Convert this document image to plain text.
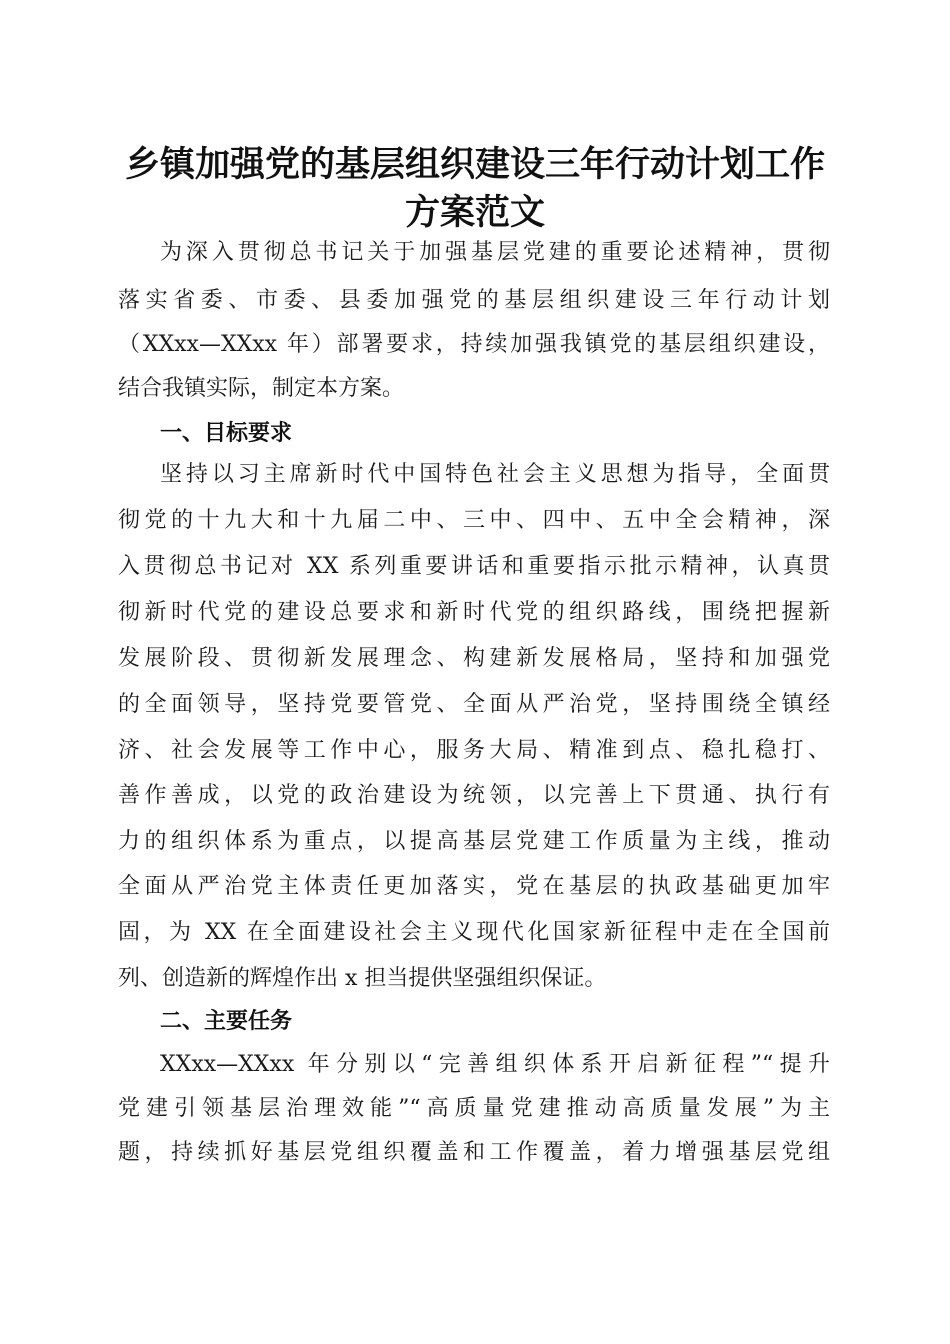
乡镇加强党的基层组织建设三年行动计划工作
方案范文

为深入贯彻总书记关于加强基层党建的重要论述精神，贯彻

落实省委、市委、县委加强党的基层组织建设三年行动计划

（XXxx—XXxx 年）部署要求，持续加强我镇党的基层组织建设，

结合我镇实际，制定本方案。

一、目标要求

坚持以习主席新时代中国特色社会主义思想为指导，全面贯

彻党的十九大和十九届二中、三中、四中、五中全会精神，深

入贯彻总书记对 XX 系列重要讲话和重要指示批示精神，认真贯

彻新时代党的建设总要求和新时代党的组织路线，围绕把握新

发展阶段、贯彻新发展理念、构建新发展格局，坚持和加强党

的全面领导，坚持党要管党、全面从严治党，坚持围绕全镇经

济、社会发展等工作中心，服务大局、精准到点、稳扎稳打、

善作善成，以党的政治建设为统领，以完善上下贯通、执行有

力的组织体系为重点，以提高基层党建工作质量为主线，推动

全面从严治党主体责任更加落实，党在基层的执政基础更加牢

固，为 XX 在全面建设社会主义现代化国家新征程中走在全国前

列、创造新的辉煌作出 x 担当提供坚强组织保证。

二、主要任务

XXxx—XXxx 年分别以“完善组织体系开启新征程”“提升

党建引领基层治理效能”“高质量党建推动高质量发展”为主

题，持续抓好基层党组织覆盖和工作覆盖，着力增强基层党组
